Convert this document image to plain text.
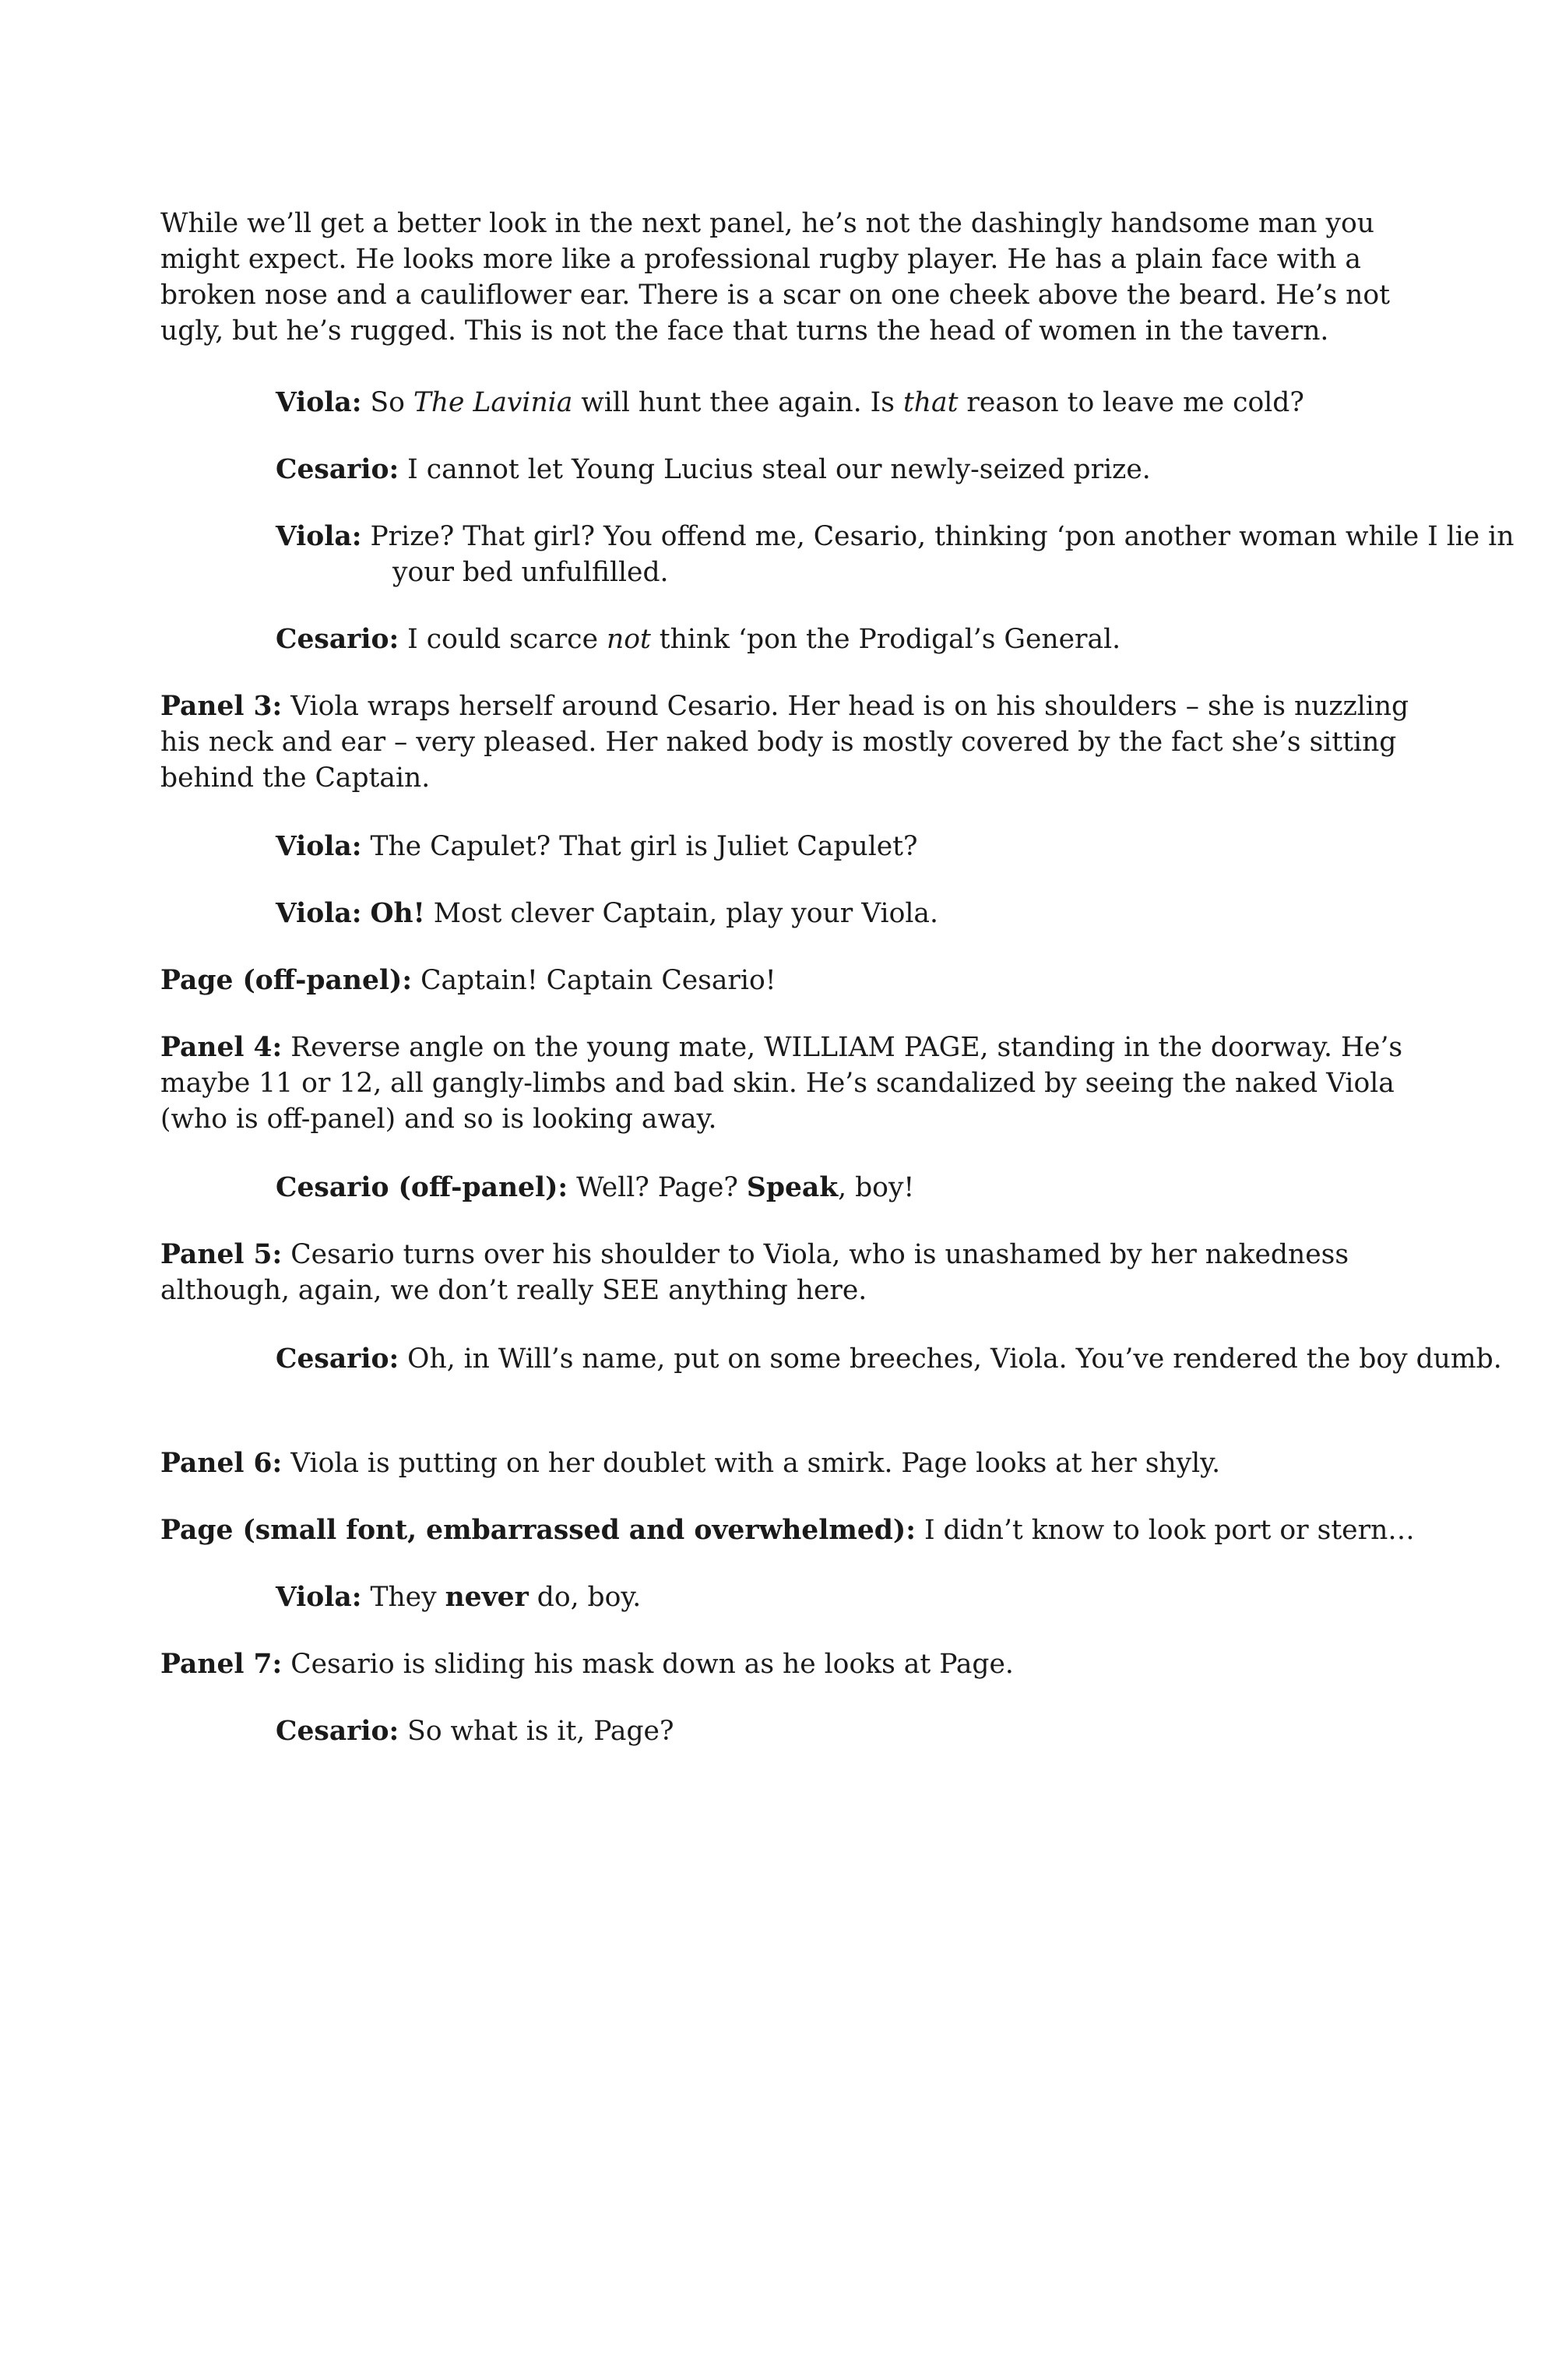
While we’ll get a better look in the next panel, he’s not the dashingly handsome man you might expect. He looks more like a professional rugby player. He has a plain face with a broken nose and a cauliflower ear. There is a scar on one cheek above the beard. He’s not ugly, but he’s rugged. This is not the face that turns the head of women in the tavern.

Viola: So The Lavinia will hunt thee again. Is that reason to leave me cold?

Cesario: I cannot let Young Lucius steal our newly-seized prize.

Viola: Prize? That girl? You offend me, Cesario, thinking ‘pon another woman while I lie in your bed unfulfilled.

Cesario: I could scarce not think ‘pon the Prodigal’s General.

Panel 3: Viola wraps herself around Cesario. Her head is on his shoulders – she is nuzzling his neck and ear – very pleased. Her naked body is mostly covered by the fact she’s sitting behind the Captain.

Viola: The Capulet? That girl is Juliet Capulet?

Viola: Oh! Most clever Captain, play your Viola.

Page (off-panel): Captain! Captain Cesario!

Panel 4: Reverse angle on the young mate, WILLIAM PAGE, standing in the doorway. He’s maybe 11 or 12, all gangly-limbs and bad skin. He’s scandalized by seeing the naked Viola (who is off-panel) and so is looking away.

Cesario (off-panel): Well? Page? Speak, boy!

Panel 5: Cesario turns over his shoulder to Viola, who is unashamed by her nakedness although, again, we don’t really SEE anything here.

Cesario: Oh, in Will’s name, put on some breeches, Viola. You’ve rendered the boy dumb.

Panel 6: Viola is putting on her doublet with a smirk. Page looks at her shyly.

Page (small font, embarrassed and overwhelmed): I didn’t know to look port or stern…

Viola: They never do, boy.

Panel 7: Cesario is sliding his mask down as he looks at Page.

Cesario: So what is it, Page?
